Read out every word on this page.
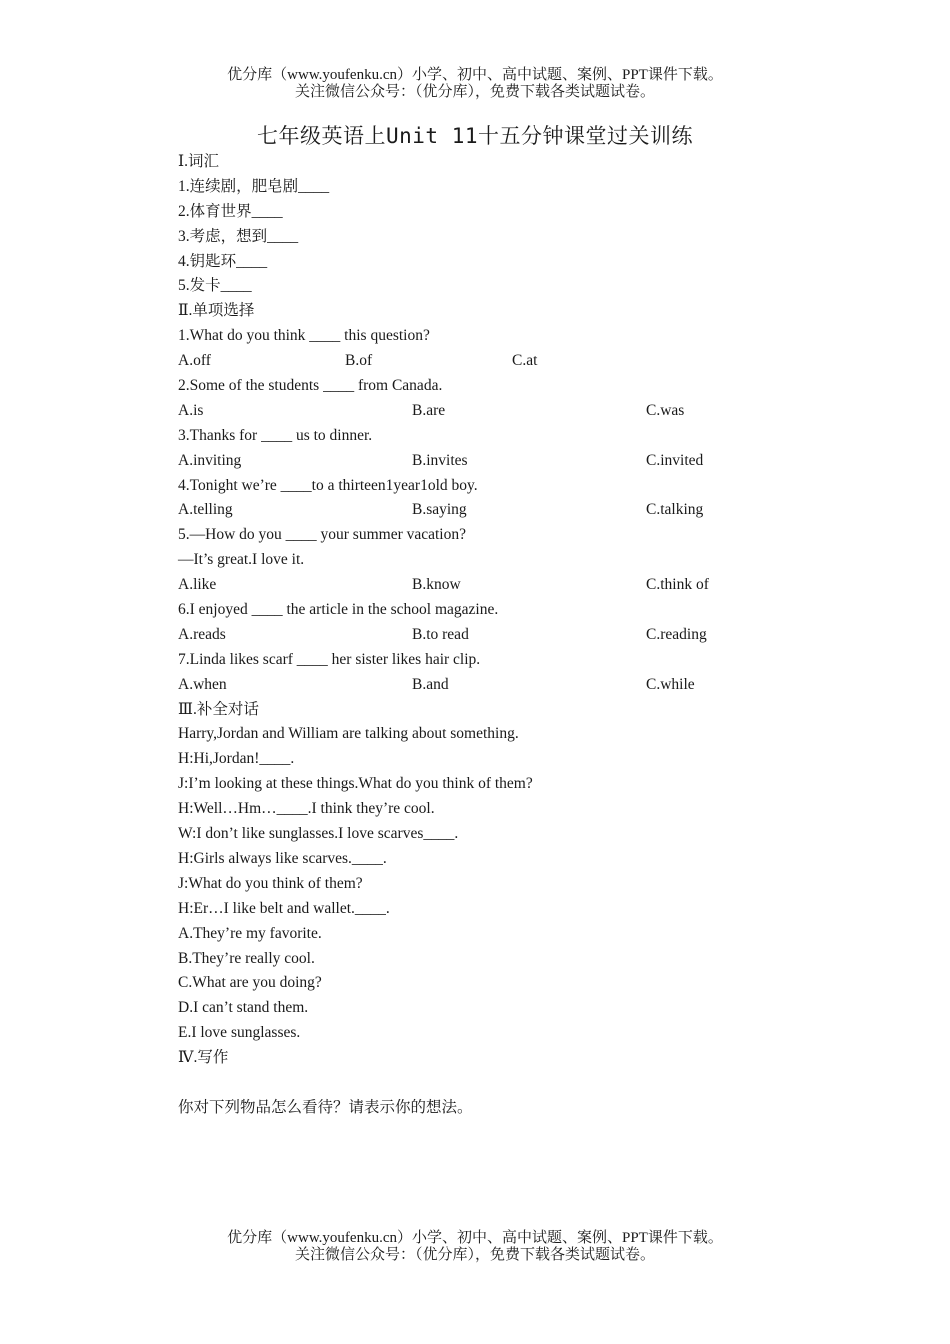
优分库（www.youfenku.cn）小学、初中、高中试题、案例、PPT课件下载。
关注微信公众号：（优分库），免费下载各类试题试卷。
七年级英语上Unit 11十五分钟课堂过关训练
Ⅰ.词汇
1.连续剧，肥皂剧____
2.体育世界____
3.考虑，想到____
4.钥匙环____
5.发卡____
Ⅱ.单项选择
1.What do you think ____ this question?
A.off	B.of	C.at
2.Some of the students ____ from Canada.
A.is	B.are	C.was
3.Thanks for ____ us to dinner.
A.inviting	B.invites	C.invited
4.Tonight we’re ____to a thirteen1year1old boy.
A.telling	B.saying	C.talking
5.—How do you ____ your summer vacation?
—It’s great.I love it.
A.like	B.know	C.think of
6.I enjoyed ____ the article in the school magazine.
A.reads	B.to read	C.reading
7.Linda likes scarf ____ her sister likes hair clip.
A.when	B.and	C.while
Ⅲ.补全对话
Harry,Jordan and William are talking about something.
H:Hi,Jordan!____.
J:I’m looking at these things.What do you think of them?
H:Well…Hm…____.I think they’re cool.
W:I don’t like sunglasses.I love scarves____.
H:Girls always like scarves.____.
J:What do you think of them?
H:Er…I like belt and wallet.____.
A.They’re my favorite.
B.They’re really cool.
C.What are you doing?
D.I can’t stand them.
E.I love sunglasses.
Ⅳ.写作
你对下列物品怎么看待？请表示你的想法。
优分库（www.youfenku.cn）小学、初中、高中试题、案例、PPT课件下载。
关注微信公众号：（优分库），免费下载各类试题试卷。
